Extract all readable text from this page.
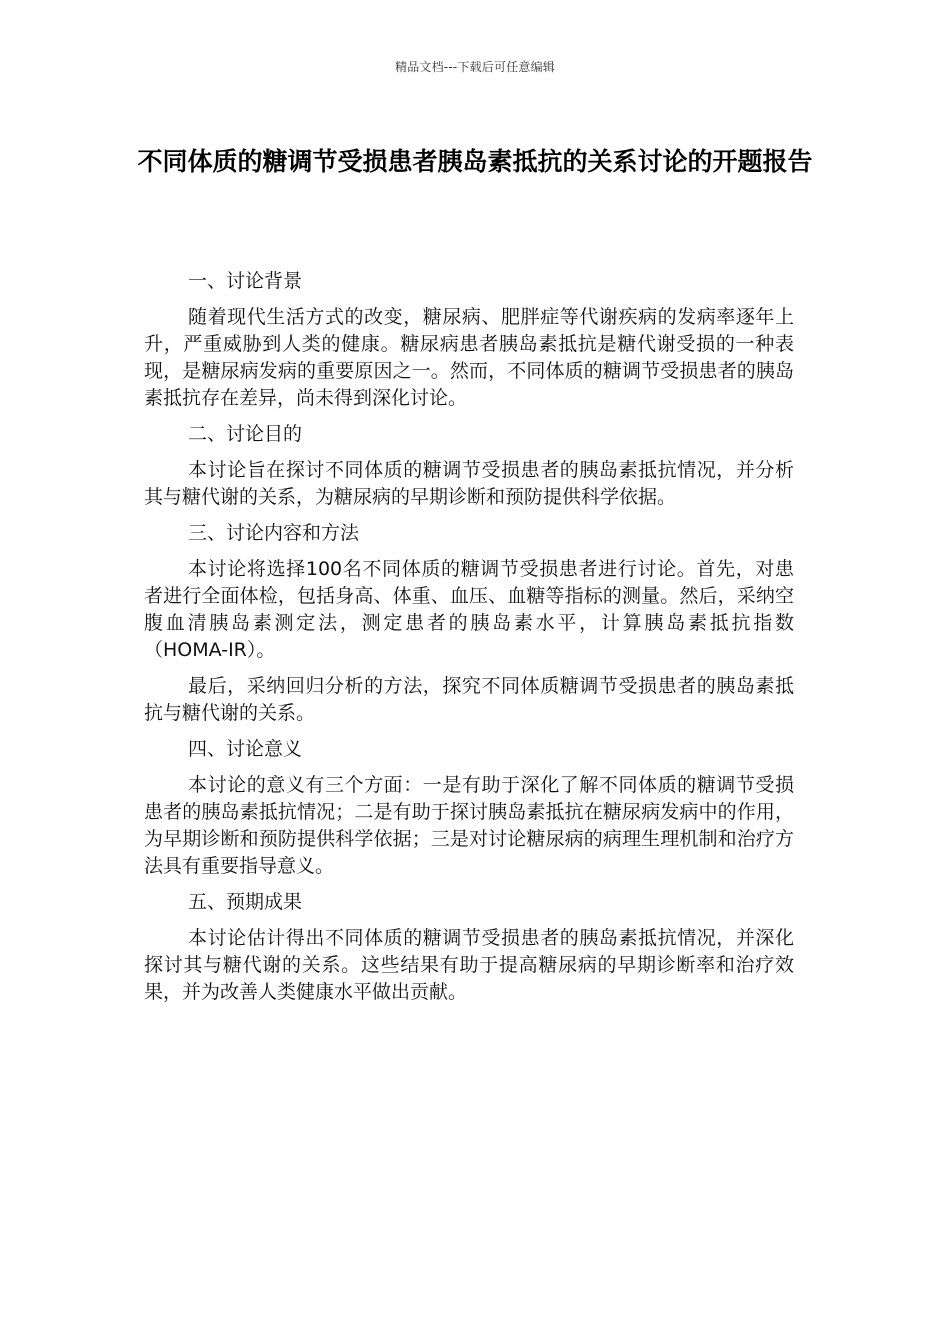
精品文档---下载后可任意编辑
不同体质的糖调节受损患者胰岛素抵抗的关系讨论的开题报告

一、讨论背景

随着现代生活方式的改变，糖尿病、肥胖症等代谢疾病的发病率逐年上升，严重威胁到人类的健康。糖尿病患者胰岛素抵抗是糖代谢受损的一种表现，是糖尿病发病的重要原因之一。然而，不同体质的糖调节受损患者的胰岛素抵抗存在差异，尚未得到深化讨论。

二、讨论目的

本讨论旨在探讨不同体质的糖调节受损患者的胰岛素抵抗情况，并分析其与糖代谢的关系，为糖尿病的早期诊断和预防提供科学依据。

三、讨论内容和方法

本讨论将选择100名不同体质的糖调节受损患者进行讨论。首先，对患者进行全面体检，包括身高、体重、血压、血糖等指标的测量。然后，采纳空腹血清胰岛素测定法，测定患者的胰岛素水平，计算胰岛素抵抗指数（HOMA-IR）。

最后，采纳回归分析的方法，探究不同体质糖调节受损患者的胰岛素抵抗与糖代谢的关系。

四、讨论意义

本讨论的意义有三个方面：一是有助于深化了解不同体质的糖调节受损患者的胰岛素抵抗情况；二是有助于探讨胰岛素抵抗在糖尿病发病中的作用，为早期诊断和预防提供科学依据；三是对讨论糖尿病的病理生理机制和治疗方法具有重要指导意义。

五、预期成果

本讨论估计得出不同体质的糖调节受损患者的胰岛素抵抗情况，并深化探讨其与糖代谢的关系。这些结果有助于提高糖尿病的早期诊断率和治疗效果，并为改善人类健康水平做出贡献。
